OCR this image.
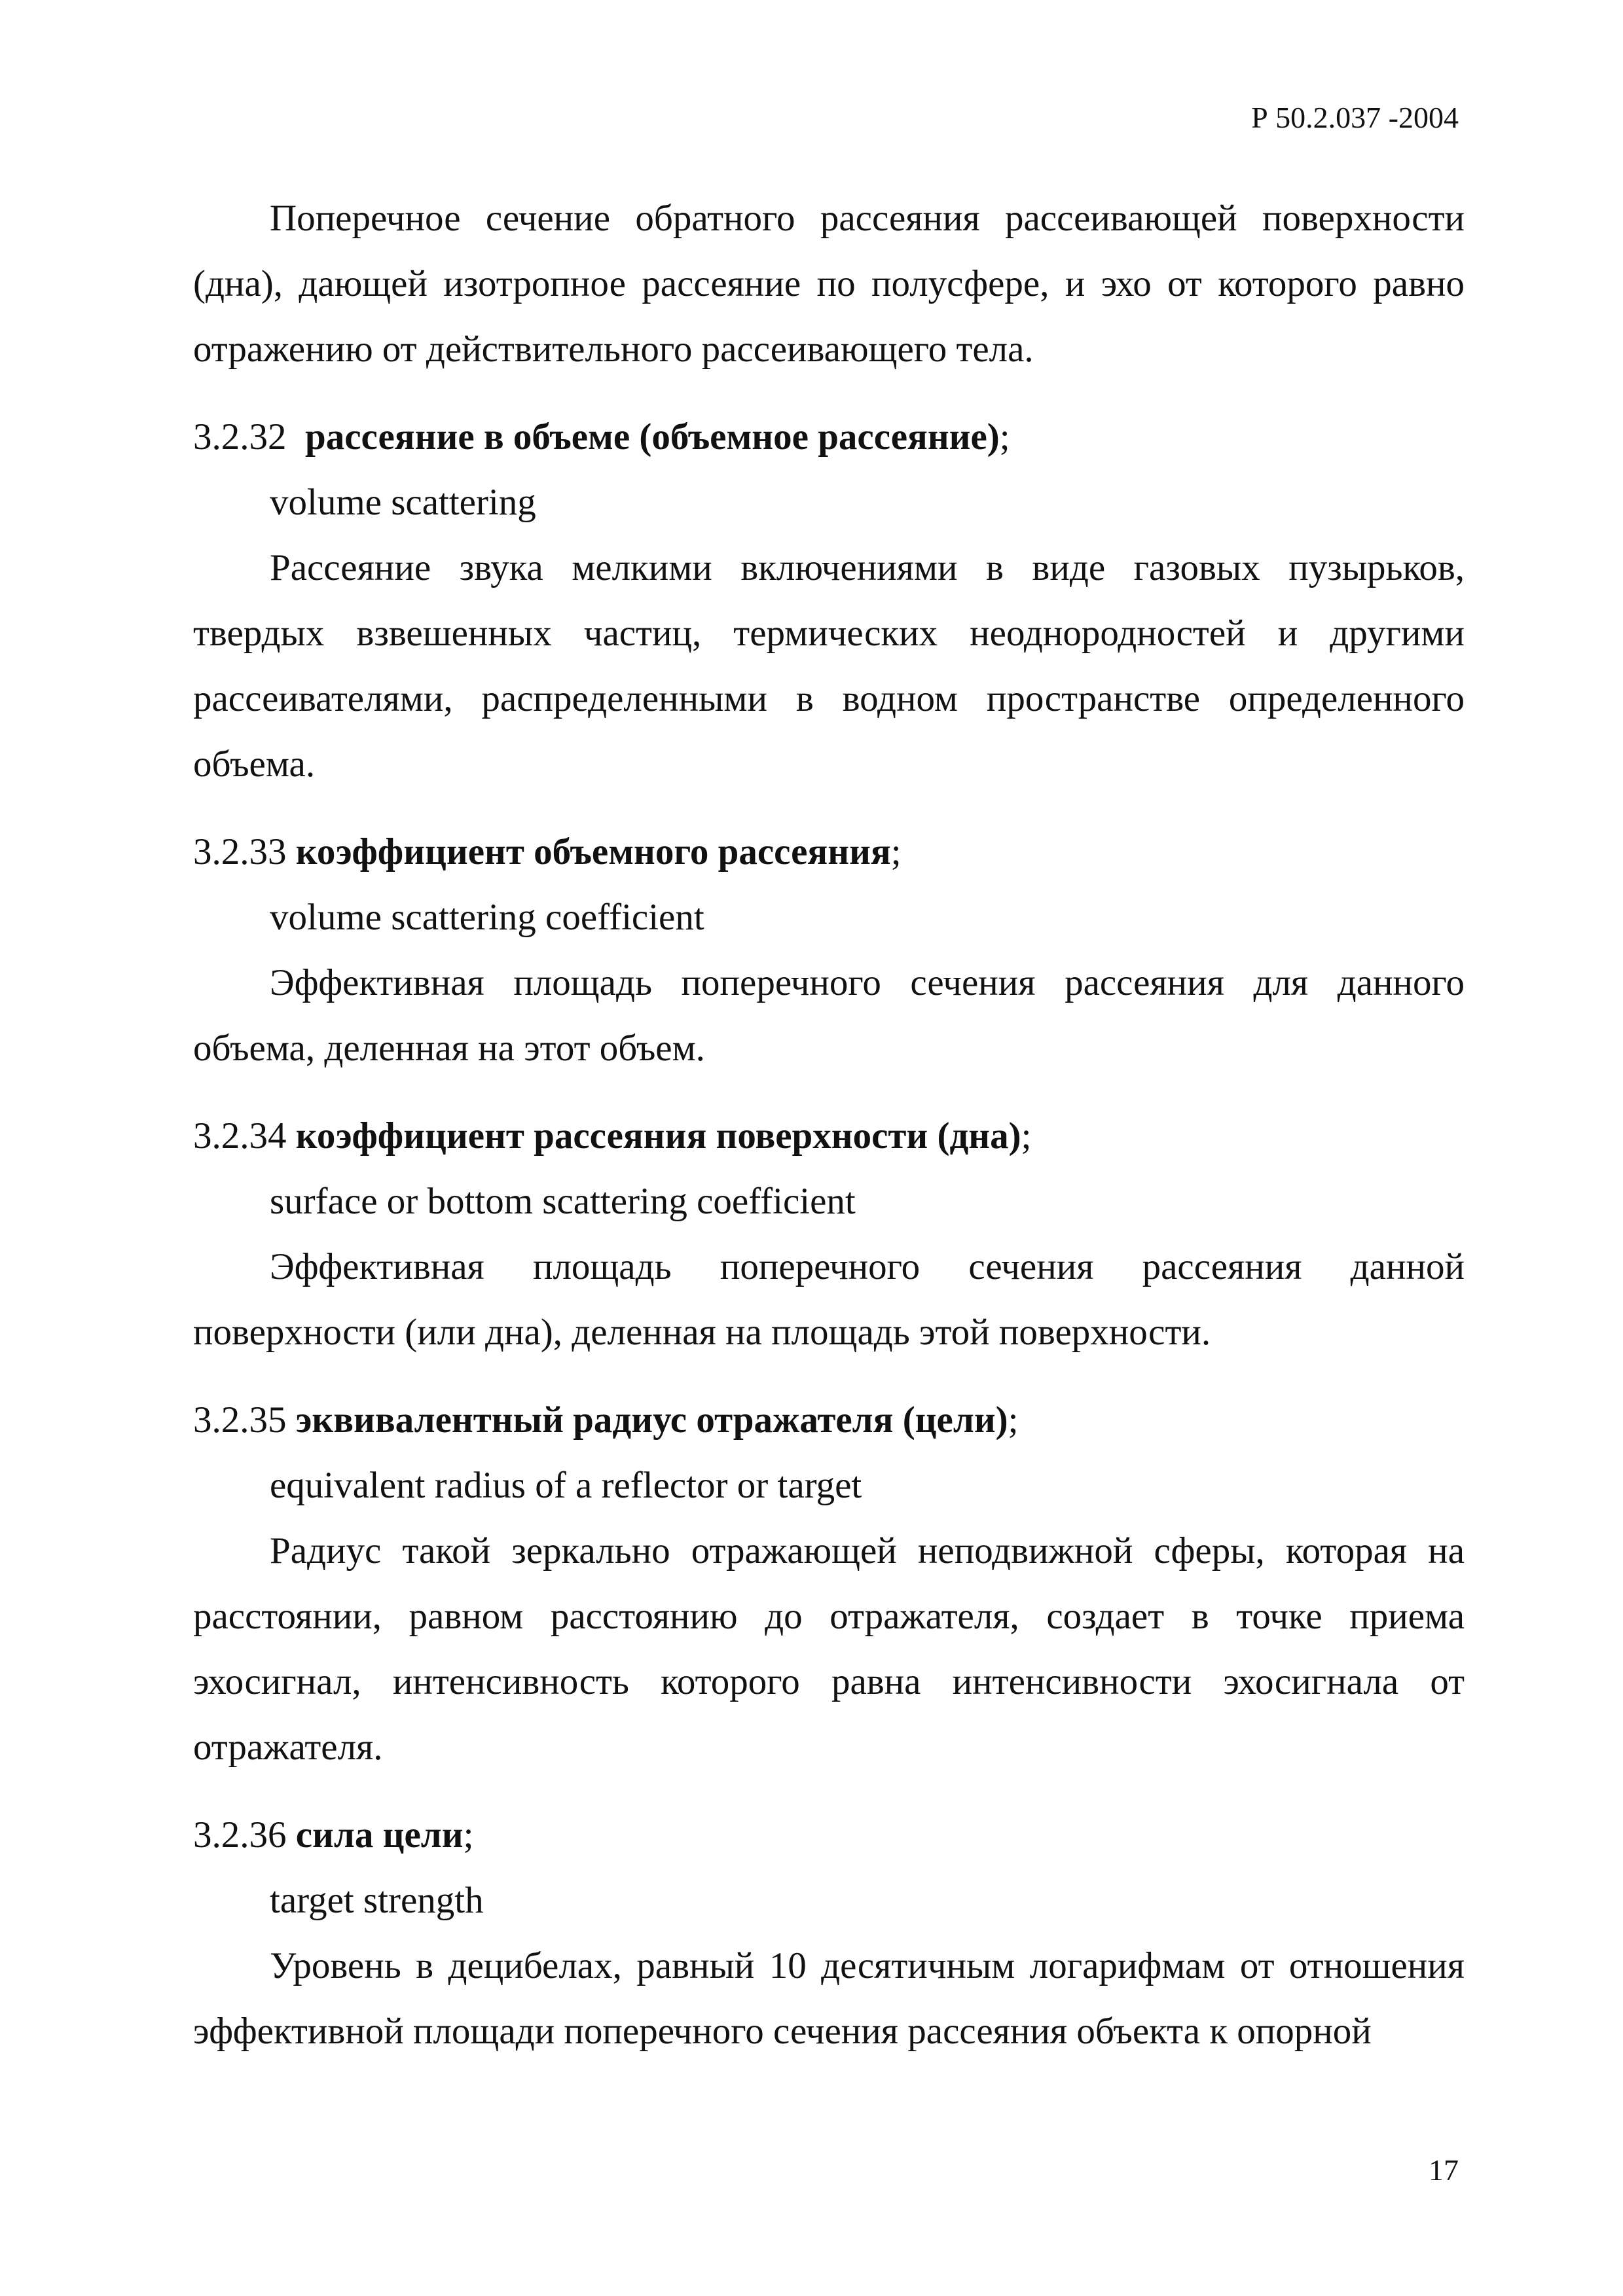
Р 50.2.037 -2004

Поперечное сечение обратного рассеяния рассеивающей поверхности (дна), дающей изотропное рассеяние по полусфере, и эхо от которого равно отражению от действительного рассеивающего тела.

3.2.32 рассеяние в объеме (объемное рассеяние);

volume scattering

Рассеяние звука мелкими включениями в виде газовых пузырьков, твердых взвешенных частиц, термических неоднородностей и другими рассеивателями, распределенными в водном пространстве определенного объема.

3.2.33 коэффициент объемного рассеяния;

volume scattering coefficient

Эффективная площадь поперечного сечения рассеяния для данного объема, деленная на этот объем.

3.2.34 коэффициент рассеяния поверхности (дна);

surface or bottom scattering coefficient

Эффективная площадь поперечного сечения рассеяния данной поверхности (или дна), деленная на площадь этой поверхности.

3.2.35 эквивалентный радиус отражателя (цели);

equivalent radius of a reflector or target

Радиус такой зеркально отражающей неподвижной сферы, которая на расстоянии, равном расстоянию до отражателя, создает в точке приема эхосигнал, интенсивность которого равна интенсивности эхосигнала от отражателя.

3.2.36 сила цели;

target strength

Уровень в децибелах, равный 10 десятичным логарифмам от отношения эффективной площади поперечного сечения рассеяния объекта к опорной

17
